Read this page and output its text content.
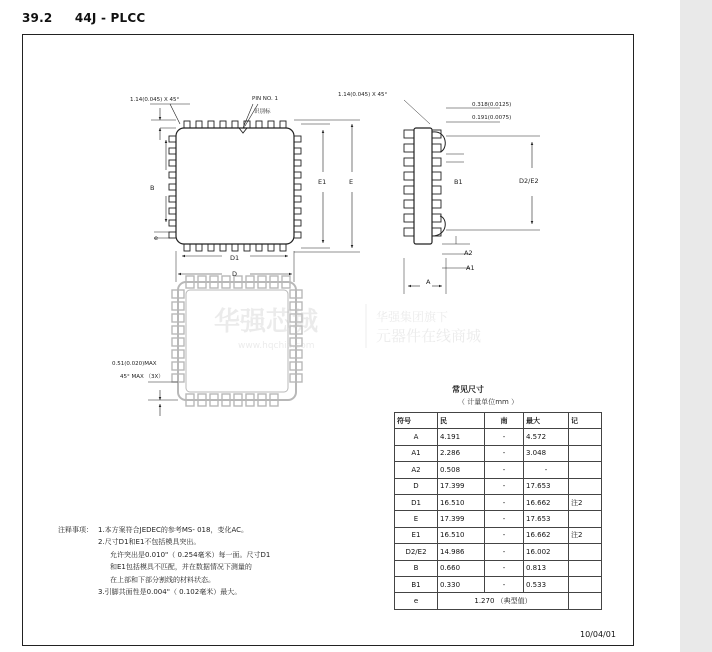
39.2 44J - PLCC
1.14(0.045) X 45°	PIN NO. 1
识别标
1.14(0.045) X 45°
0.318(0.0125)
0.191(0.0075)
B
e
E1	E
D1
D
B1	D2/E2
A2
A1
A
0.51(0.020)MAX
45° MAX （3X）
华强芯城
www.hqchip.com
华强集团旗下
元器件在线商城
常见尺寸
（ 计量单位mm ）
符号	民	南	最大	记
A	4.191	-	4.572	
A1	2.286	-	3.048	
A2	0.508	-	-	
D	17.399	-	17.653	
D1	16.510	-	16.662	注2
E	17.399	-	17.653	
E1	16.510	-	16.662	注2
D2/E2	14.986	-	16.002	
B	0.660	-	0.813	
B1	0.330	-	0.533	
e	1.270 （典型值）			
注释事项： 1.本方案符合JEDEC的参考MS- 018，变化AC。
2.尺寸D1和E1不包括模具突出。
允许突出是0.010"（ 0.254毫米）每一面。尺寸D1
和E1包括模具不匹配，并在数据情况下测量的
在上部和下部分割线的材料状态。
3.引脚共面性是0.004"（ 0.102毫米）最大。
10/04/01
